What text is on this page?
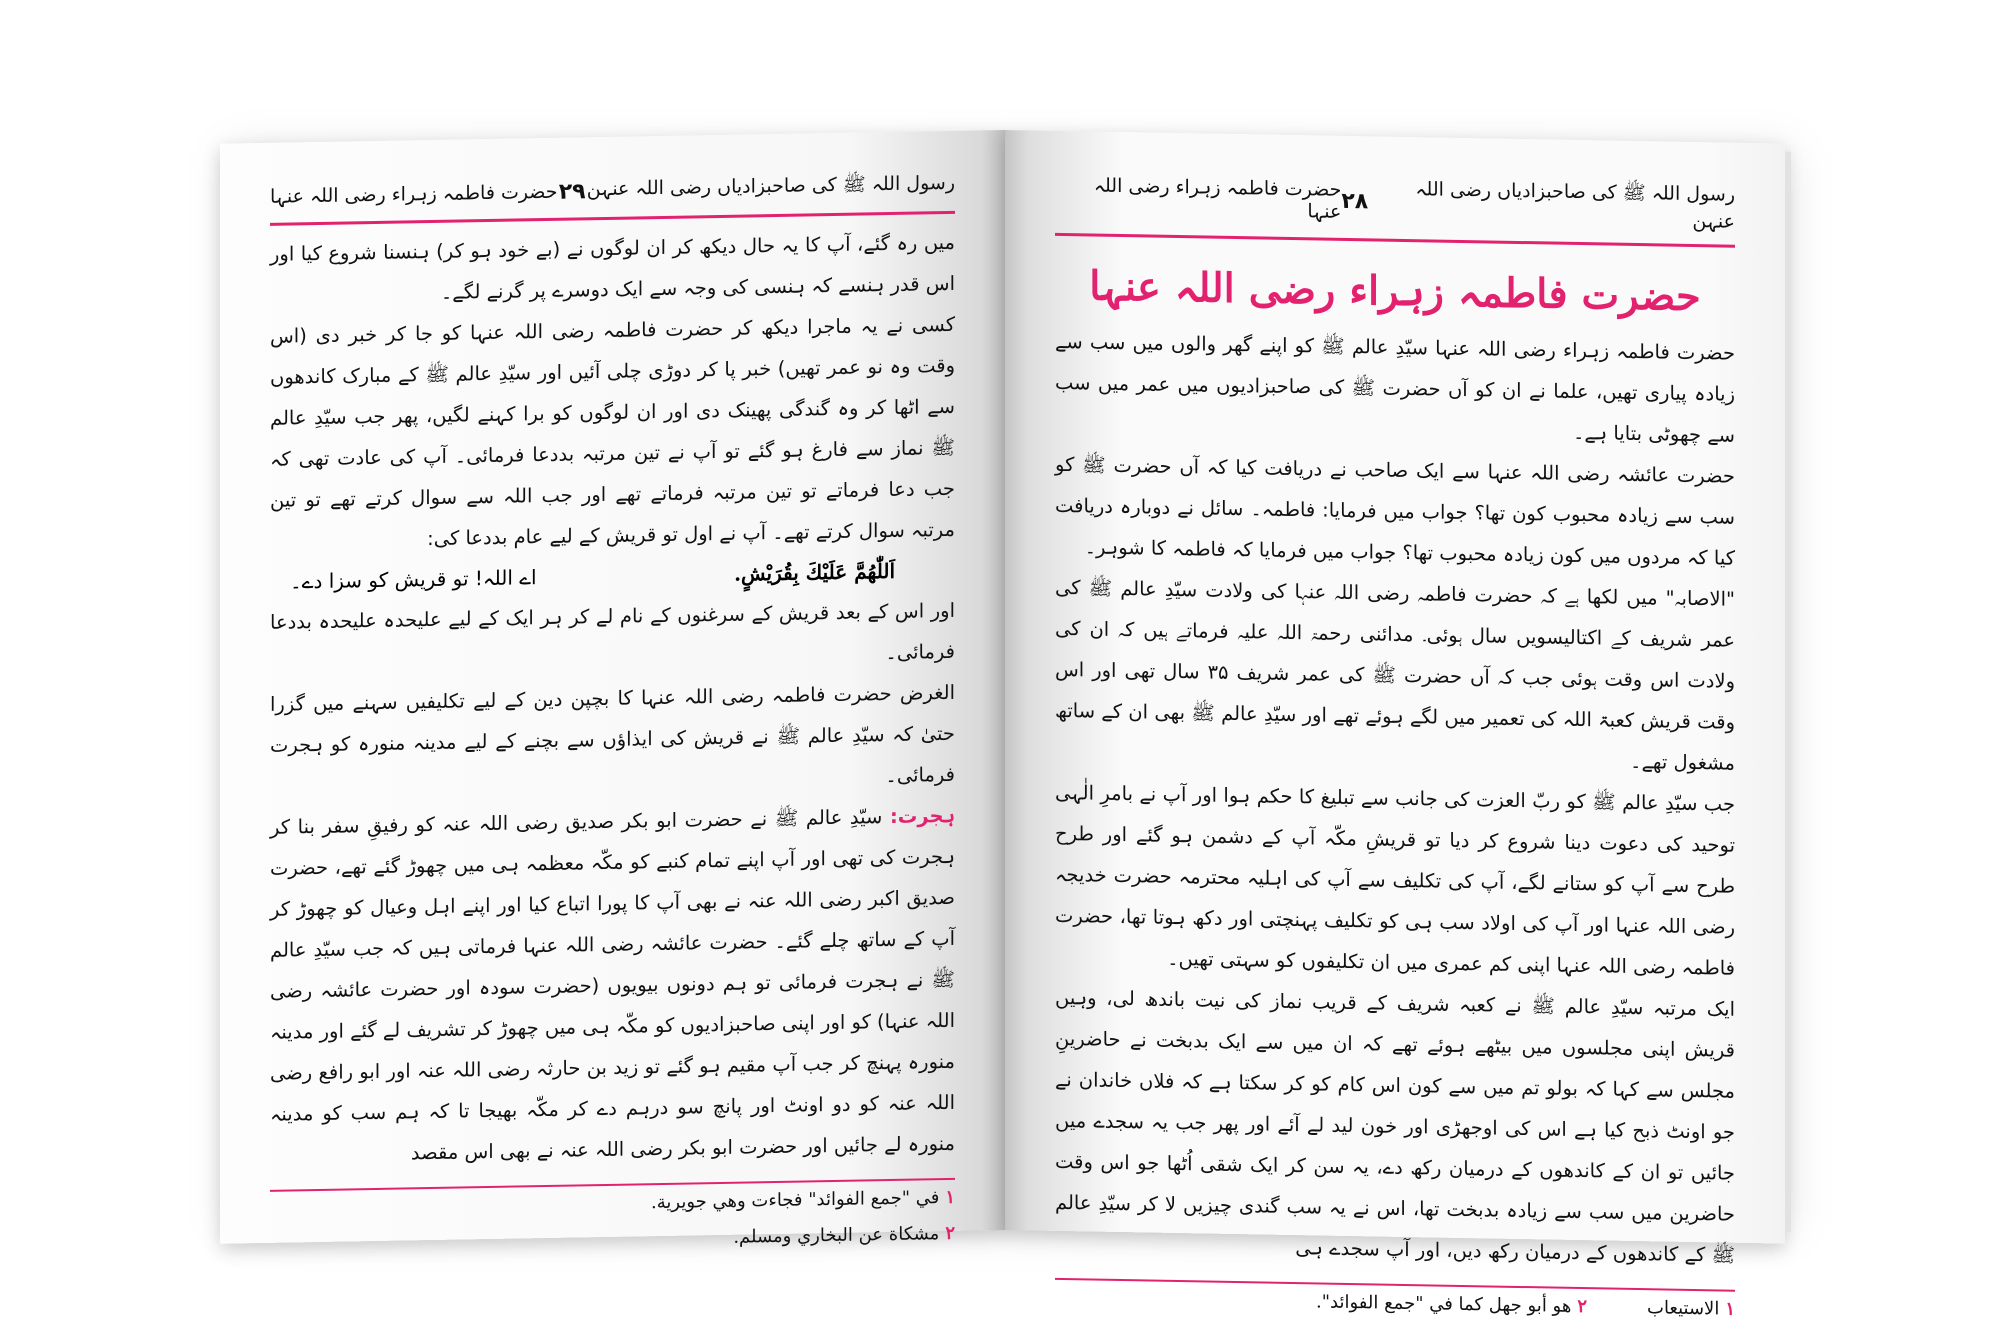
رسول اللہ ﷺ کی صاحبزادیاں رضی اللہ عنہن
۲۹
حضرت فاطمہ زہراء رضی اللہ عنہا

میں رہ گئے، آپ کا یہ حال دیکھ کر ان لوگوں نے (بے خود ہو کر) ہنسنا شروع کیا اور اس قدر ہنسے کہ ہنسی کی وجہ سے ایک دوسرے پر گرنے لگے۔

کسی نے یہ ماجرا دیکھ کر حضرت فاطمہ رضی اللہ عنہا کو جا کر خبر دی (اس وقت وہ نو عمر تھیں) خبر پا کر دوڑی چلی آئیں اور سیّدِ عالم ﷺ کے مبارک کاندھوں سے اٹھا کر وہ گندگی پھینک دی اور ان لوگوں کو برا کہنے لگیں، پھر جب سیّدِ عالم ﷺ نماز سے فارغ ہو گئے تو آپ نے تین مرتبہ بددعا فرمائی۔ آپ کی عادت تھی کہ جب دعا فرماتے تو تین مرتبہ فرماتے تھے اور جب اللہ سے سوال کرتے تھے تو تین مرتبہ سوال کرتے تھے۔ آپ نے اول تو قریش کے لیے عام بددعا کی:

اَللّٰهُمَّ عَلَيْكَ بِقُرَيْشٍ.
اے اللہ! تو قریش کو سزا دے۔

اور اس کے بعد قریش کے سرغنوں کے نام لے کر ہر ایک کے لیے علیحدہ علیحدہ بددعا فرمائی۔

الغرض حضرت فاطمہ رضی اللہ عنہا کا بچپن دین کے لیے تکلیفیں سہنے میں گزرا حتیٰ کہ سیّدِ عالم ﷺ نے قریش کی ایذاؤں سے بچنے کے لیے مدینہ منورہ کو ہجرت فرمائی۔

ہجرت: سیّدِ عالم ﷺ نے حضرت ابو بکر صدیق رضی اللہ عنہ کو رفیقِ سفر بنا کر ہجرت کی تھی اور آپ اپنے تمام کنبے کو مکّہ معظمہ ہی میں چھوڑ گئے تھے، حضرت صدیق اکبر رضی اللہ عنہ نے بھی آپ کا پورا اتباع کیا اور اپنے اہل وعیال کو چھوڑ کر آپ کے ساتھ چلے گئے۔ حضرت عائشہ رضی اللہ عنہا فرماتی ہیں کہ جب سیّدِ عالم ﷺ نے ہجرت فرمائی تو ہم دونوں بیویوں (حضرت سودہ اور حضرت عائشہ رضی اللہ عنہا) کو اور اپنی صاحبزادیوں کو مکّہ ہی میں چھوڑ کر تشریف لے گئے اور مدینہ منورہ پہنچ کر جب آپ مقیم ہو گئے تو زید بن حارثہ رضی اللہ عنہ اور ابو رافع رضی اللہ عنہ کو دو اونٹ اور پانچ سو درہم دے کر مکّہ بھیجا تا کہ ہم سب کو مدینہ منورہ لے جائیں اور حضرت ابو بکر رضی اللہ عنہ نے بھی اس مقصد

۱في "جمع الفوائد" فجاءت وهي جويرية.

۲مشكاة عن البخاري ومسلم.

رسول اللہ ﷺ کی صاحبزادیاں رضی اللہ عنہن
۲۸
حضرت فاطمہ زہراء رضی اللہ عنہا
حضرت فاطمہ زہراء رضی اللہ عنہا

حضرت فاطمہ زہراء رضی اللہ عنہا سیّدِ عالم ﷺ کو اپنے گھر والوں میں سب سے زیادہ پیاری تھیں، علما نے ان کو آں حضرت ﷺ کی صاحبزادیوں میں عمر میں سب سے چھوٹی بتایا ہے۔

حضرت عائشہ رضی اللہ عنہا سے ایک صاحب نے دریافت کیا کہ آں حضرت ﷺ کو سب سے زیادہ محبوب کون تھا؟ جواب میں فرمایا: فاطمہ۔ سائل نے دوبارہ دریافت کیا کہ مردوں میں کون زیادہ محبوب تھا؟ جواب میں فرمایا کہ فاطمہ کا شوہر۔

"الاصابہ" میں لکھا ہے کہ حضرت فاطمہ رضی اللہ عنہا کی ولادت سیّدِ عالم ﷺ کی عمر شریف کے اکتالیسویں سال ہوئی۔ مدائنی رحمۃ اللہ علیہ فرماتے ہیں کہ ان کی ولادت اس وقت ہوئی جب کہ آں حضرت ﷺ کی عمر شریف ۳۵ سال تھی اور اس وقت قریش کعبۃ اللہ کی تعمیر میں لگے ہوئے تھے اور سیّدِ عالم ﷺ بھی ان کے ساتھ مشغول تھے۔

جب سیّدِ عالم ﷺ کو ربّ العزت کی جانب سے تبلیغ کا حکم ہوا اور آپ نے بامرِ الٰہی توحید کی دعوت دینا شروع کر دیا تو قریشِ مکّہ آپ کے دشمن ہو گئے اور طرح طرح سے آپ کو ستانے لگے، آپ کی تکلیف سے آپ کی اہلیہ محترمہ حضرت خدیجہ رضی اللہ عنہا اور آپ کی اولاد سب ہی کو تکلیف پہنچتی اور دکھ ہوتا تھا، حضرت فاطمہ رضی اللہ عنہا اپنی کم عمری میں ان تکلیفوں کو سہتی تھیں۔

ایک مرتبہ سیّدِ عالم ﷺ نے کعبہ شریف کے قریب نماز کی نیت باندھ لی، وہیں قریش اپنی مجلسوں میں بیٹھے ہوئے تھے کہ ان میں سے ایک بدبخت نے حاضرینِ مجلس سے کہا کہ بولو تم میں سے کون اس کام کو کر سکتا ہے کہ فلاں خاندان نے جو اونٹ ذبح کیا ہے اس کی اوجھڑی اور خون لید لے آئے اور پھر جب یہ سجدے میں جائیں تو ان کے کاندھوں کے درمیان رکھ دے، یہ سن کر ایک شقی اُٹھا جو اس وقت حاضرین میں سب سے زیادہ بدبخت تھا، اس نے یہ سب گندی چیزیں لا کر سیّدِ عالم ﷺ کے کاندھوں کے درمیان رکھ دیں، اور آپ سجدے ہی

۱الاستيعاب

۲هو أبو جهل كما في "جمع الفوائد".
